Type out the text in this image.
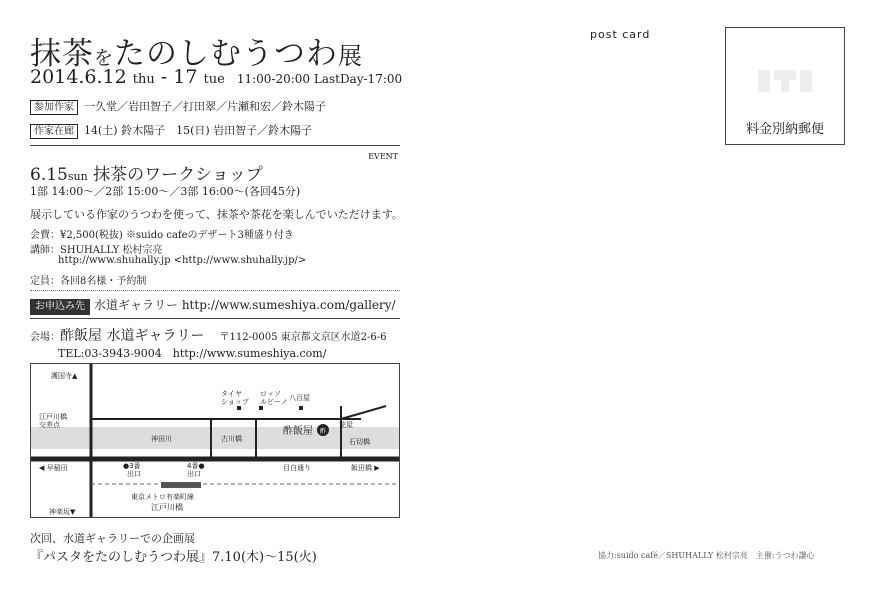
抹茶をたのしむうつわ展
2014.6.12 thu - 17 tue 11:00-20:00 LastDay-17:00
参加作家 一久堂／岩田智子／打田翠／片瀬和宏／鈴木陽子
作家在廊 14(土) 鈴木陽子　15(日) 岩田智子／鈴木陽子
EVENT
6.15sun 抹茶のワークショップ
1部 14:00〜／2部 15:00〜／3部 16:00〜(各回45分)
展示している作家のうつわを使って、抹茶や茶花を楽しんでいただけます。
会費：¥2,500(税抜) ※suido cafeのデザート3種盛り付き
講師：SHUHALLY 松村宗亮
http://www.shuhally.jp <http://www.shuhally.jp/>
定員：各回8名様・予約制
お申込み先 水道ギャラリー http://www.sumeshiya.com/gallery/
会場：酢飯屋 水道ギャラリー 〒112-0005 東京都文京区水道2-6-6
TEL:03-3943-9004　http://www.sumeshiya.com/
酢
護国寺▲
タイヤ
ショップ
ロッソ
ルビーノ 八百屋
江戸川橋
交差点
神田川	古川橋
酢飯屋
花屋
石切橋
◀ 早稲田	●3番
出口
4番●
出口
目白通り	飯田橋 ▶
東京メトロ有楽町線
江戸川橋
神楽坂▼
次回、水道ギャラリーでの企画展
『パスタをたのしむうつわ展』7.10(木)〜15(火)
post card
料金別納郵便
協力:suido café／SHUHALLY 松村宗亮　主催:うつわ謙心
